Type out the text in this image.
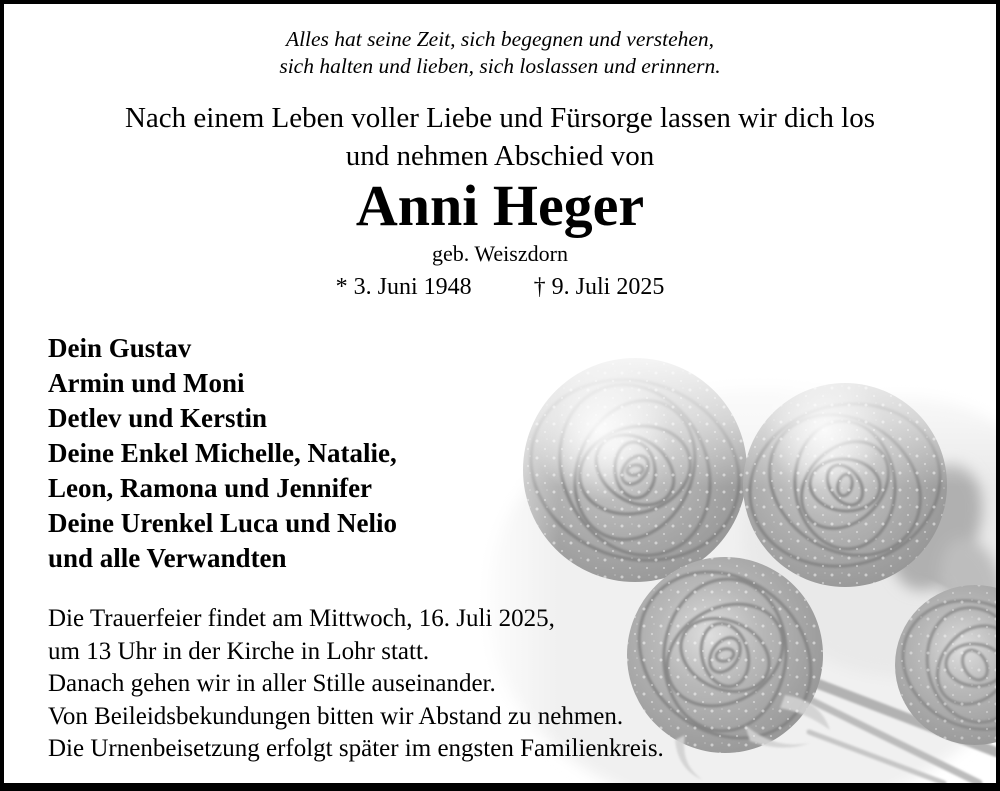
Alles hat seine Zeit, sich begegnen und verstehen,
sich halten und lieben, sich loslassen und erinnern.
Nach einem Leben voller Liebe und Fürsorge lassen wir dich los
und nehmen Abschied von
Anni Heger
geb. Weiszdorn
* 3. Juni 1948	† 9. Juli 2025
Dein Gustav
Armin und Moni
Detlev und Kerstin
Deine Enkel Michelle, Natalie,
Leon, Ramona und Jennifer
Deine Urenkel Luca und Nelio
und alle Verwandten
Die Trauerfeier findet am Mittwoch, 16. Juli 2025,
um 13 Uhr in der Kirche in Lohr statt.
Danach gehen wir in aller Stille auseinander.
Von Beileidsbekundungen bitten wir Abstand zu nehmen.
Die Urnenbeisetzung erfolgt später im engsten Familienkreis.
